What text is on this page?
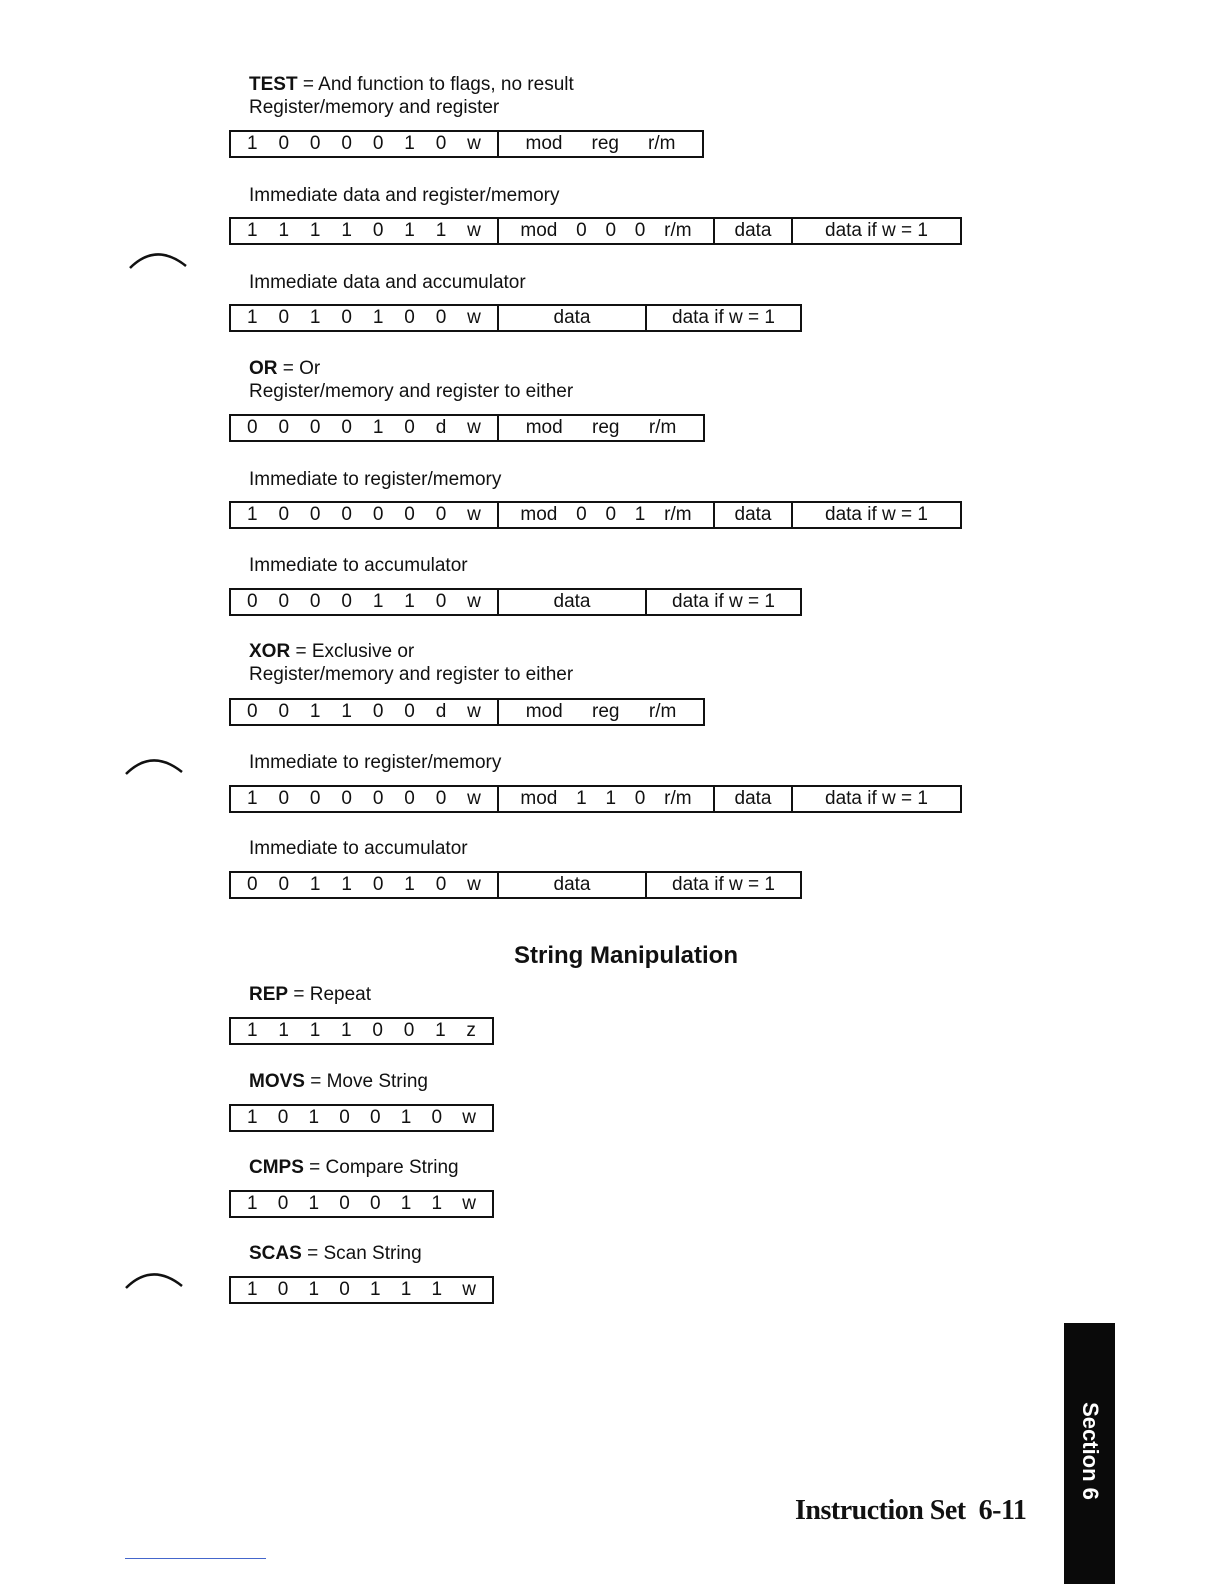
TEST = And function to flags, no result
Register/memory and register
1 0 0 0 0 1 0 w mod reg r/m
Immediate data and register/memory
1 1 1 1 0 1 1 w mod 0 0 0 r/m	data	data if w = 1
Immediate data and accumulator
1 0 1 0 1 0 0 w	data	data if w = 1
OR = Or
Register/memory and register to either
0 0 0 0 1 0 d w mod reg r/m
Immediate to register/memory
1 0 0 0 0 0 0 w mod 0 0 1 r/m	data	data if w = 1
Immediate to accumulator
0 0 0 0 1 1 0 w	data	data if w = 1
XOR = Exclusive or
Register/memory and register to either
0 0 1 1 0 0 d w mod reg r/m
Immediate to register/memory
1 0 0 0 0 0 0 w mod 1 1 0 r/m	data	data if w = 1
Immediate to accumulator
0 0 1 1 0 1 0 w	data	data if w = 1
String Manipulation
REP = Repeat
1 1 1 1 0 0 1 z
MOVS = Move String
1 0 1 0 0 1 0 w
CMPS = Compare String
1 0 1 0 0 1 1 w
SCAS = Scan String
1 0 1 0 1 1 1 w
Instruction Set 6-11
Section 6
